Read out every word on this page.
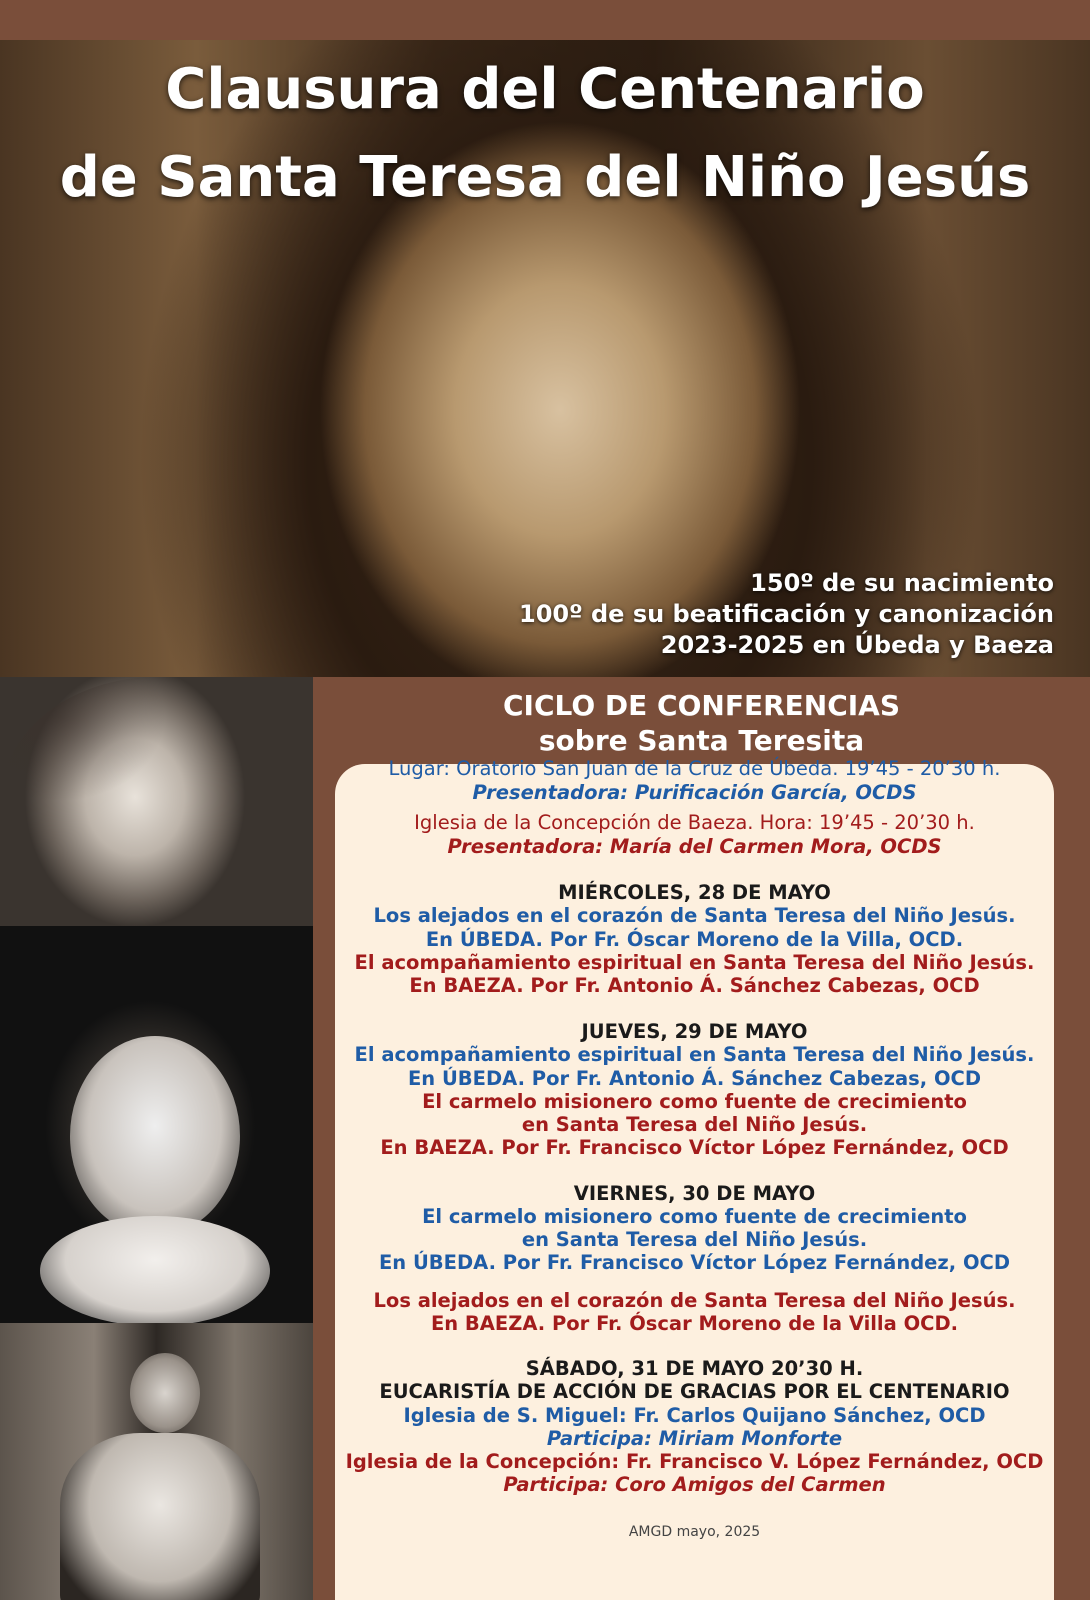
Clausura del Centenario
de Santa Teresa del Niño Jesús
150º de su nacimiento
100º de su beatificación y canonización
2023-2025 en Úbeda y Baeza
CICLO DE CONFERENCIAS
sobre Santa Teresita
Lugar: Oratorio San Juan de la Cruz de Úbeda. 19’45 - 20’30 h.
Presentadora: Purificación García, OCDS
Iglesia de la Concepción de Baeza. Hora: 19’45 - 20’30 h.
Presentadora: María del Carmen Mora, OCDS
MIÉRCOLES, 28 DE MAYO
Los alejados en el corazón de Santa Teresa del Niño Jesús.
En ÚBEDA. Por Fr. Óscar Moreno de la Villa, OCD.
El acompañamiento espiritual en Santa Teresa del Niño Jesús.
En BAEZA. Por Fr. Antonio Á. Sánchez Cabezas, OCD
JUEVES, 29 DE MAYO
El acompañamiento espiritual en Santa Teresa del Niño Jesús.
En ÚBEDA. Por Fr. Antonio Á. Sánchez Cabezas, OCD
El carmelo misionero como fuente de crecimiento
en Santa Teresa del Niño Jesús.
En BAEZA. Por Fr. Francisco Víctor López Fernández, OCD
VIERNES, 30 DE MAYO
El carmelo misionero como fuente de crecimiento
en Santa Teresa del Niño Jesús.
En ÚBEDA. Por Fr. Francisco Víctor López Fernández, OCD
Los alejados en el corazón de Santa Teresa del Niño Jesús.
En BAEZA. Por Fr. Óscar Moreno de la Villa OCD.
SÁBADO, 31 DE MAYO 20’30 H.
EUCARISTÍA DE ACCIÓN DE GRACIAS POR EL CENTENARIO
Iglesia de S. Miguel: Fr. Carlos Quijano Sánchez, OCD
Participa: Miriam Monforte
Iglesia de la Concepción: Fr. Francisco V. López Fernández, OCD
Participa: Coro Amigos del Carmen
AMGD mayo, 2025
